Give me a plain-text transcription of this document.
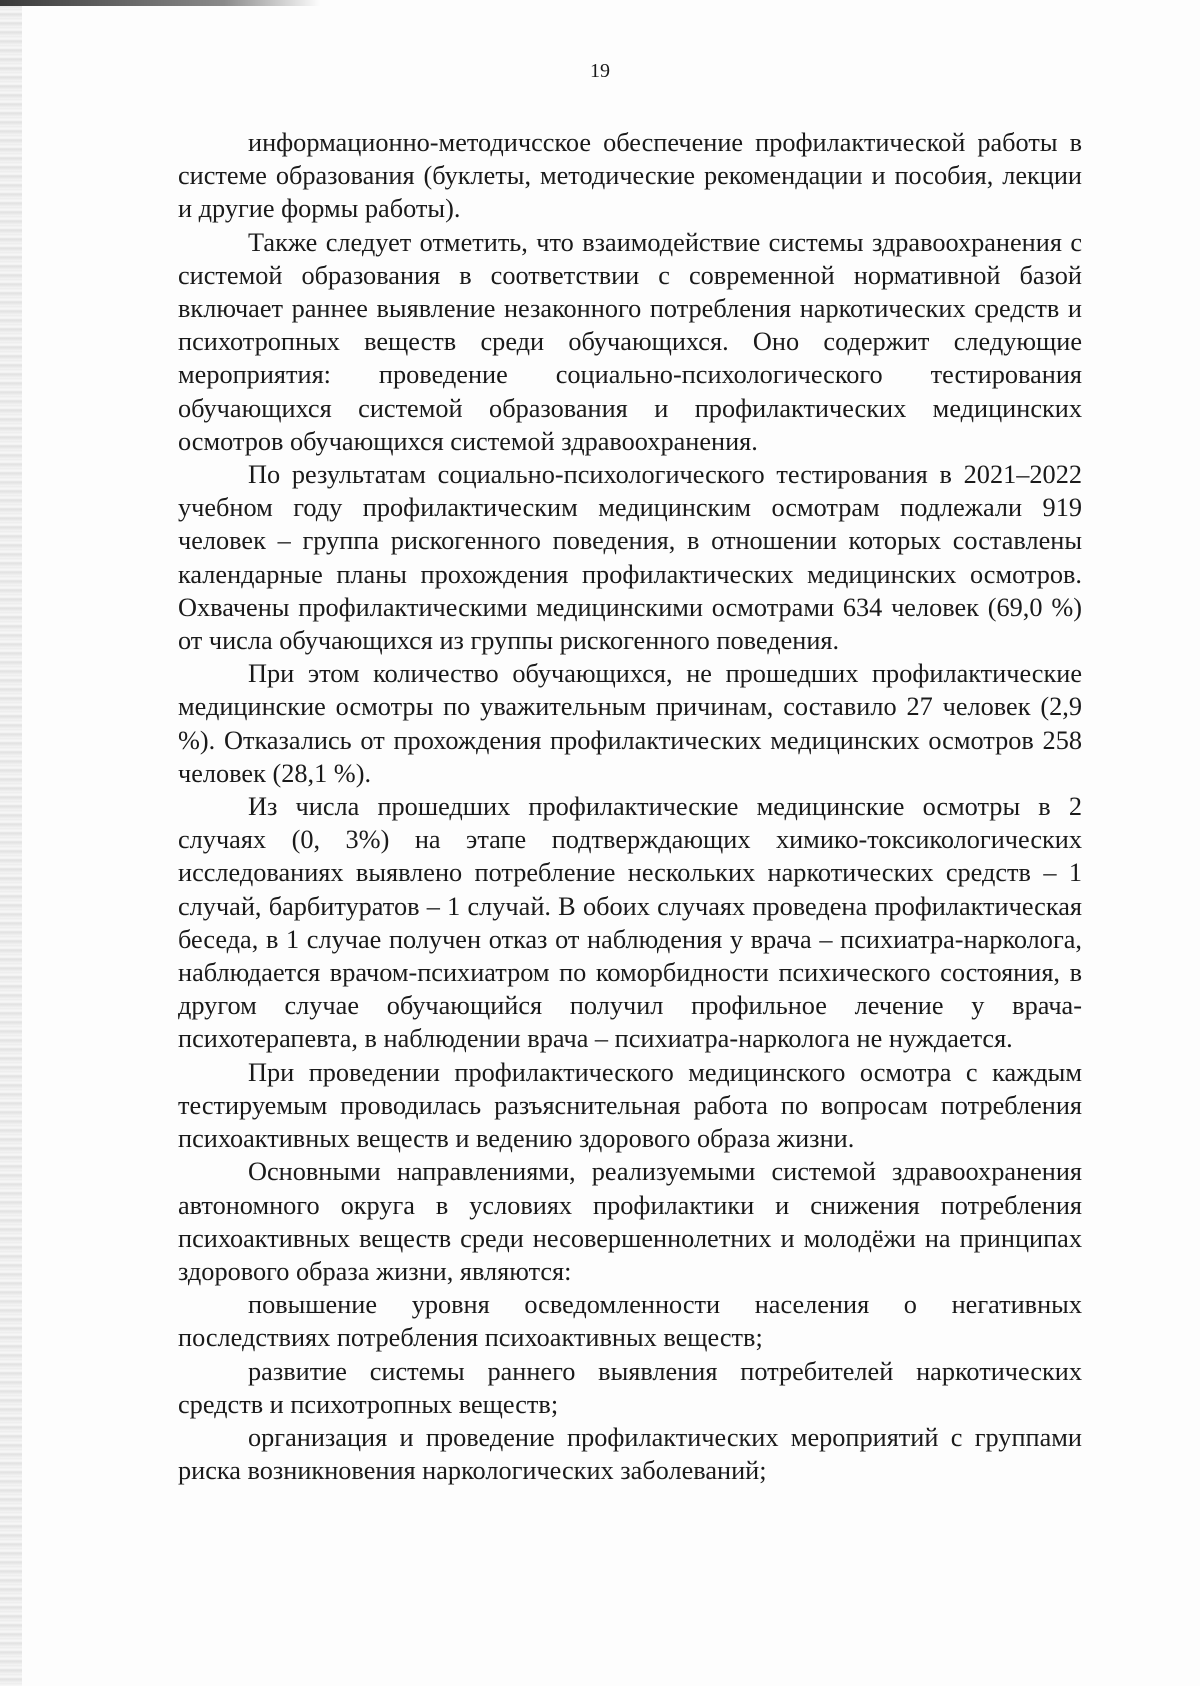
19

информационно-методичсское обеспечение профилактической работы в системе образования (буклеты, методические рекомендации и пособия, лекции и другие формы работы).

Также следует отметить, что взаимодействие системы здравоохранения с системой образования в соответствии с современной нормативной базой включает раннее выявление незаконного потребления наркотических средств и психотропных веществ среди обучающихся. Оно содержит следующие мероприятия: проведение социально-психологического тестирования обучающихся системой образования и профилактических медицинских осмотров обучающихся системой здравоохранения.

По результатам социально-психологического тестирования в 2021–2022 учебном году профилактическим медицинским осмотрам подлежали 919 человек – группа рискогенного поведения, в отношении которых составлены календарные планы прохождения профилактических медицинских осмотров. Охвачены профилактическими медицинскими осмотрами 634 человек (69,0 %) от числа обучающихся из группы рискогенного поведения.

При этом количество обучающихся, не прошедших профилактические медицинские осмотры по уважительным причинам, составило 27 человек (2,9 %). Отказались от прохождения профилактических медицинских осмотров 258 человек (28,1 %).

Из числа прошедших профилактические медицинские осмотры в 2 случаях (0, 3%) на этапе подтверждающих химико-токсикологических исследованиях выявлено потребление нескольких наркотических средств – 1 случай, барбитуратов – 1 случай. В обоих случаях проведена профилактическая беседа, в 1 случае получен отказ от наблюдения у врача – психиатра-нарколога, наблюдается врачом-психиатром по коморбидности психического состояния, в другом случае обучающийся получил профильное лечение у врача-психотерапевта, в наблюдении врача – психиатра-нарколога не нуждается.

При проведении профилактического медицинского осмотра с каждым тестируемым проводилась разъяснительная работа по вопросам потребления психоактивных веществ и ведению здорового образа жизни.

Основными направлениями, реализуемыми системой здравоохранения автономного округа в условиях профилактики и снижения потребления психоактивных веществ среди несовершеннолетних и молодёжи на принципах здорового образа жизни, являются:

повышение уровня осведомленности населения о негативных последствиях потребления психоактивных веществ;

развитие системы раннего выявления потребителей наркотических средств и психотропных веществ;

организация и проведение профилактических мероприятий с группами риска возникновения наркологических заболеваний;
